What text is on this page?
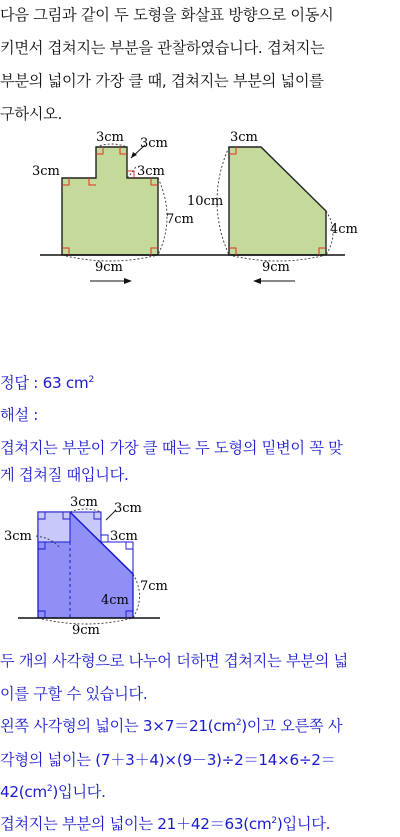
다음 그림과 같이 두 도형을 화살표 방향으로 이동시
키면서 겹쳐지는 부분을 관찰하였습니다. 겹쳐지는
부분의 넓이가 가장 클 때, 겹쳐지는 부분의 넓이를
구하시오.
3cm 3cm
3cm
3cm
7cm
9cm
3cm
10cm
4cm
9cm
정답 : 63 $cm^2$
해설 :
겹쳐지는 부분이 가장 클 때는 두 도형의 밑변이 꼭 맞
게 겹쳐질 때입니다.
3cm 3cm
3cm
3cm
7cm
4cm
9cm
두 개의 사각형으로 나누어 더하면 겹쳐지는 부분의 넓
이를 구할 수 있습니다.
왼쪽 사각형의 넓이는 $3\times 7=21(cm^2)$이고 오른쪽 사
각형의 넓이는 (7＋3＋4)×(9－3)÷2＝14×6÷2＝
$42(cm^2)$입니다.
겹쳐지는 부분의 넓이는 $21+42=63(cm^2)$입니다.
